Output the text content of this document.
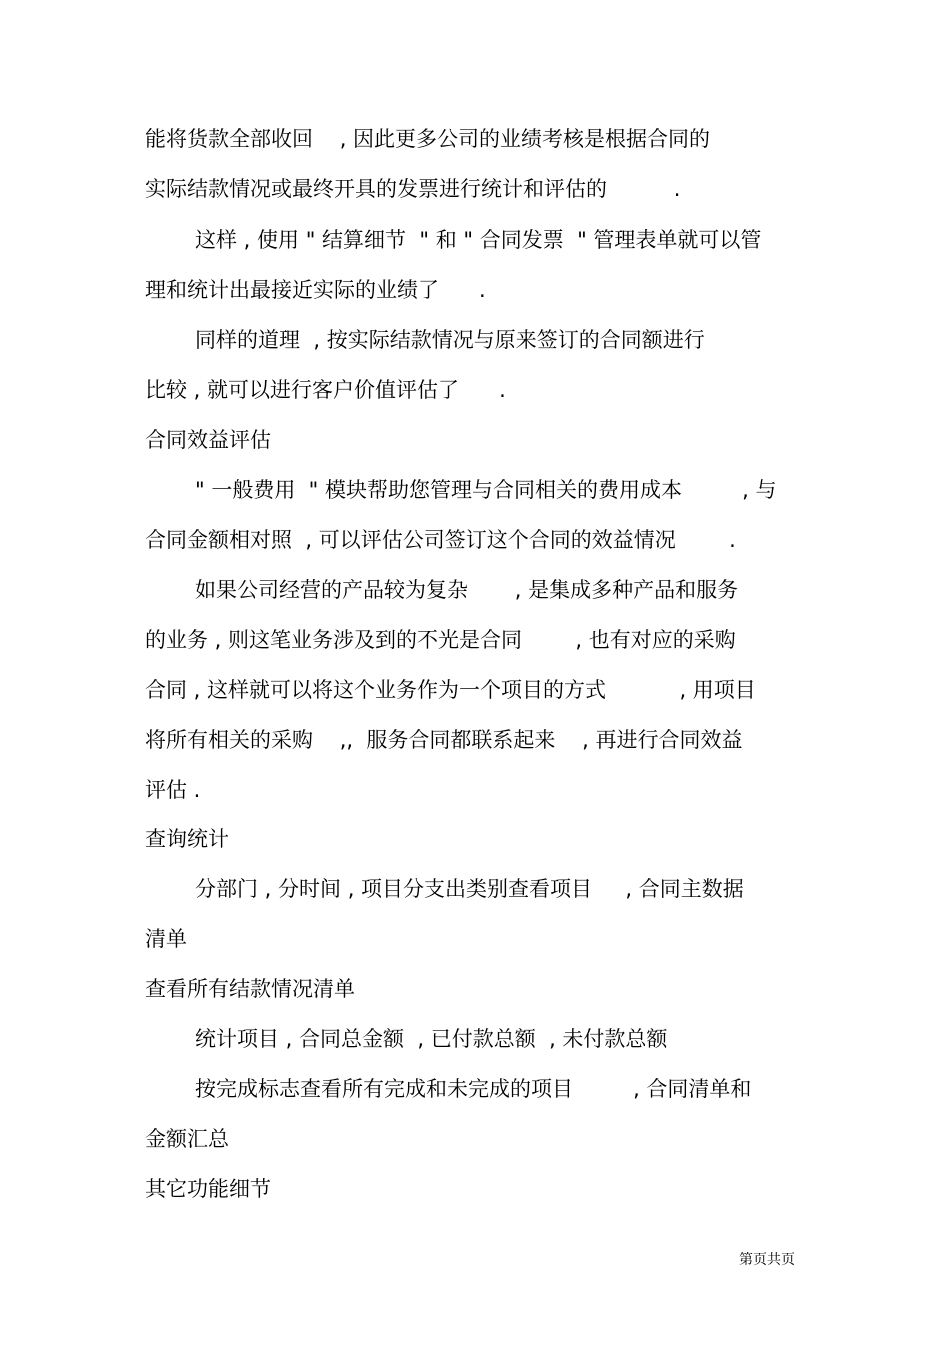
能将货款全部收回    , 因此更多公司的业绩考核是根据合同的
实际结款情况或最终开具的发票进行统计和评估的          .
这样 , 使用 " 结算细节  " 和 " 合同发票  " 管理表单就可以管
理和统计出最接近实际的业绩了      .
同样的道理  , 按实际结款情况与原来签订的合同额进行
比较 , 就可以进行客户价值评估了      .
合同效益评估
" 一般费用  " 模块帮助您管理与合同相关的费用成本         , 与
合同金额相对照  , 可以评估公司签订这个合同的效益情况        .
如果公司经营的产品较为复杂       , 是集成多种产品和服务
的业务 , 则这笔业务涉及到的不光是合同        , 也有对应的采购
合同 , 这样就可以将这个业务作为一个项目的方式           , 用项目
将所有相关的采购    ,,  服务合同都联系起来    , 再进行合同效益
评估 .
查询统计
分部门 , 分时间 , 项目分支出类别查看项目     , 合同主数据
清单
查看所有结款情况清单
统计项目 , 合同总金额  , 已付款总额  , 未付款总额
按完成标志查看所有完成和未完成的项目         , 合同清单和
金额汇总
其它功能细节
第页共页
